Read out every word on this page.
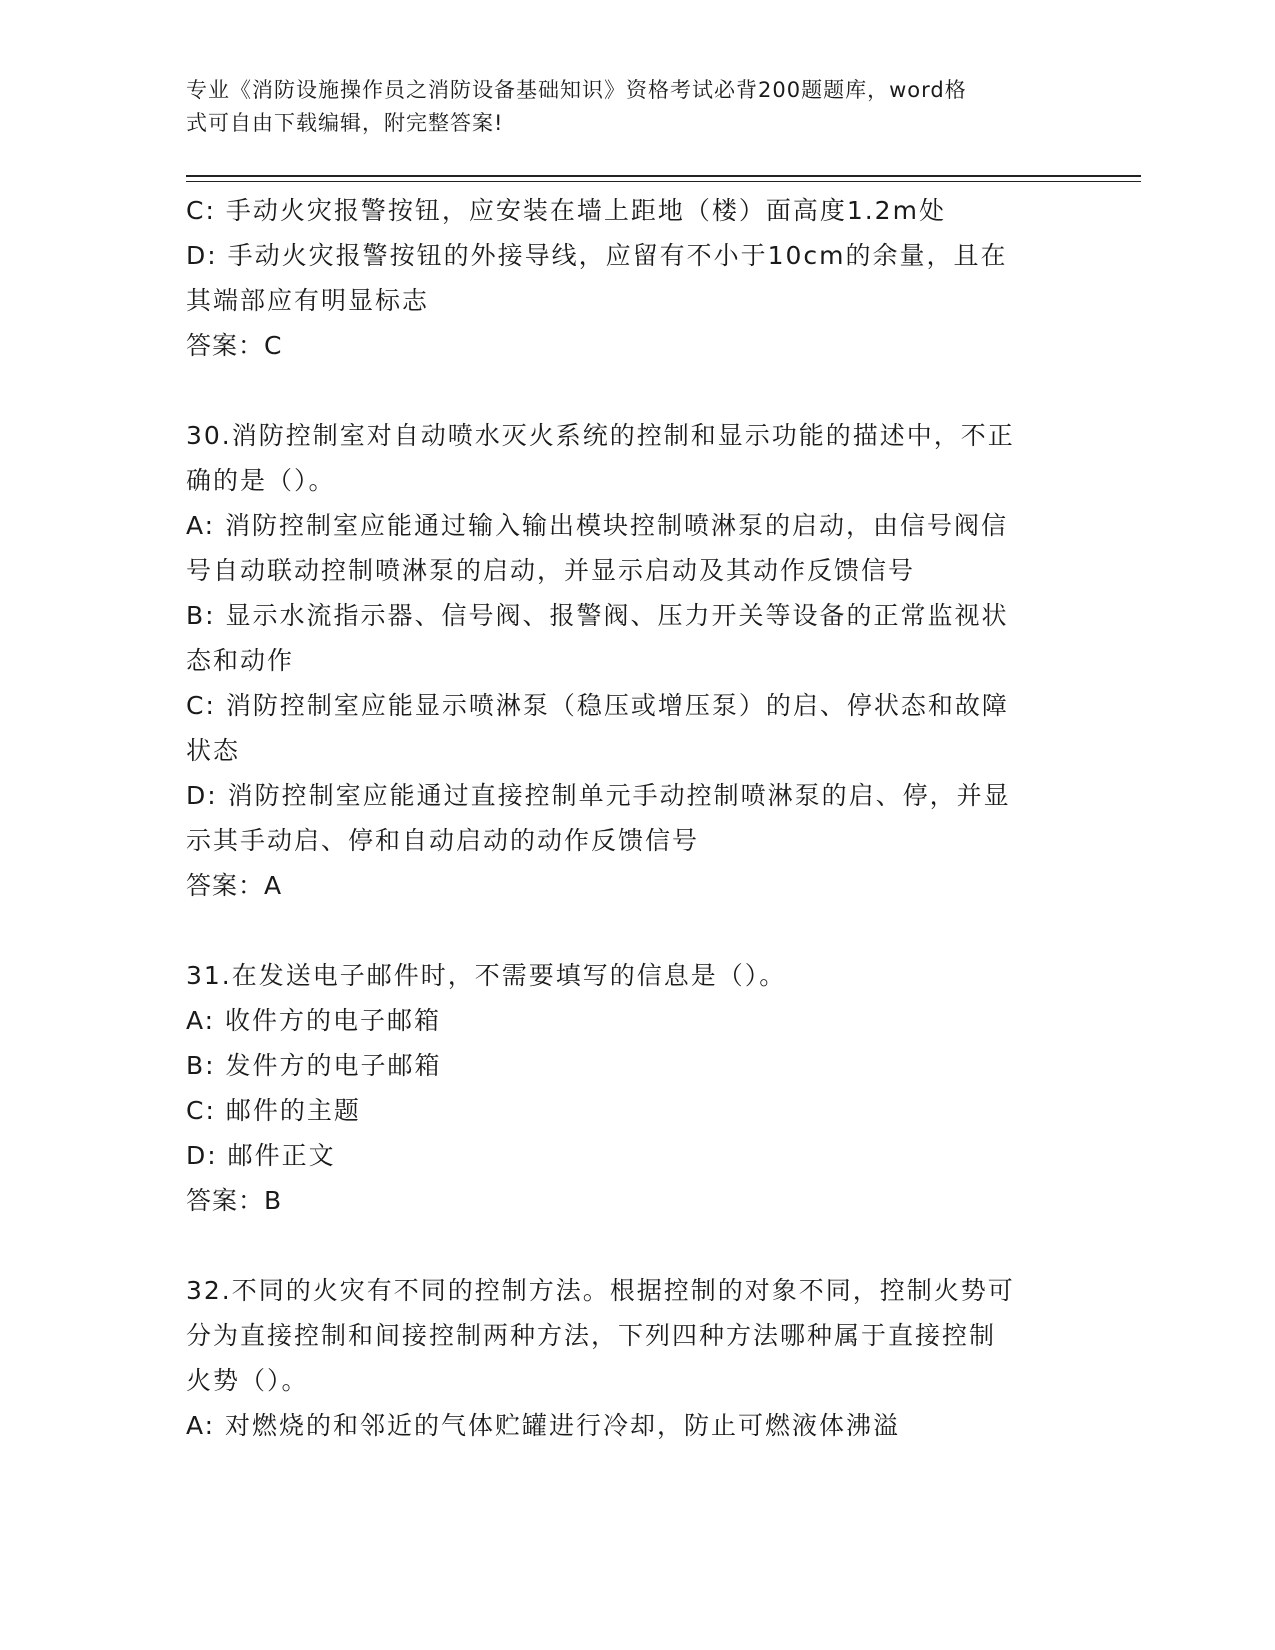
专业《消防设施操作员之消防设备基础知识》资格考试必背200题题库，word格
式可自由下载编辑，附完整答案!
C: 手动火灾报警按钮，应安装在墙上距地（楼）面高度1.2m处
D: 手动火灾报警按钮的外接导线，应留有不小于10cm的余量，且在
其端部应有明显标志
答案：C
30.消防控制室对自动喷水灭火系统的控制和显示功能的描述中，不正
确的是（）。
A: 消防控制室应能通过输入输出模块控制喷淋泵的启动，由信号阀信
号自动联动控制喷淋泵的启动，并显示启动及其动作反馈信号
B: 显示水流指示器、信号阀、报警阀、压力开关等设备的正常监视状
态和动作
C: 消防控制室应能显示喷淋泵（稳压或增压泵）的启、停状态和故障
状态
D: 消防控制室应能通过直接控制单元手动控制喷淋泵的启、停，并显
示其手动启、停和自动启动的动作反馈信号
答案：A
31.在发送电子邮件时，不需要填写的信息是（）。
A: 收件方的电子邮箱
B: 发件方的电子邮箱
C: 邮件的主题
D: 邮件正文
答案：B
32.不同的火灾有不同的控制方法。根据控制的对象不同，控制火势可
分为直接控制和间接控制两种方法，下列四种方法哪种属于直接控制
火势（）。
A: 对燃烧的和邻近的气体贮罐进行冷却，防止可燃液体沸溢
